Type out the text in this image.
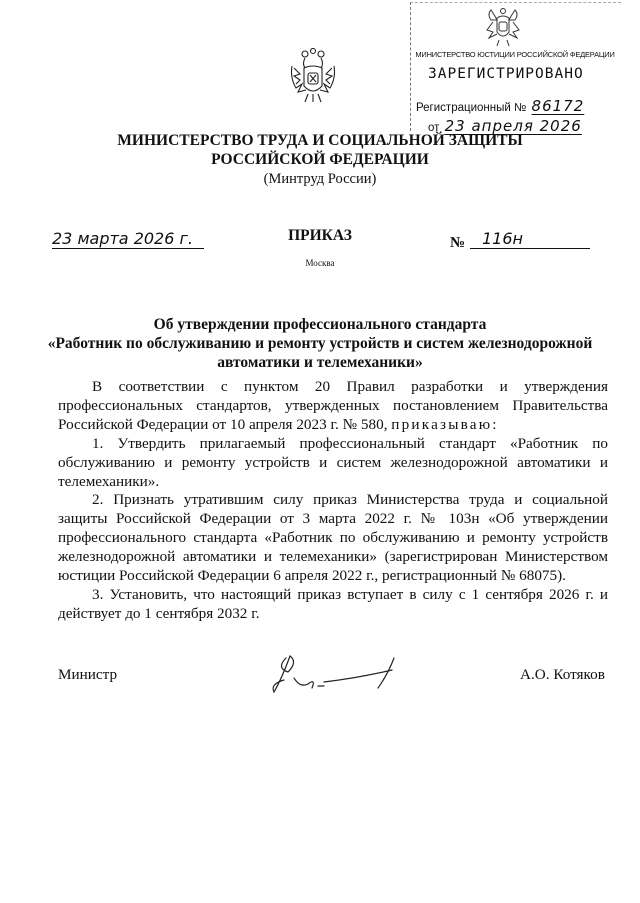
МИНИСТЕРСТВО ЮСТИЦИИ РОССИЙСКОЙ ФЕДЕРАЦИИ
ЗАРЕГИСТРИРОВАНО
Регистрационный № 86172
от 23 апреля 2026
МИНИСТЕРСТВО ТРУДА И СОЦИАЛЬНОЙ ЗАЩИТЫ
РОССИЙСКОЙ ФЕДЕРАЦИИ
(Минтруд России)
23 марта 2026 г.	ПРИКАЗ
Москва
№	116н
Об утверждении профессионального стандарта
«Работник по обслуживанию и ремонту устройств и систем железнодорожной
автоматики и телемеханики»

В соответствии с пунктом 20 Правил разработки и утверждения профессиональных стандартов, утвержденных постановлением Правительства Российской Федерации от 10 апреля 2023 г. № 580, приказываю:

1. Утвердить прилагаемый профессиональный стандарт «Работник по обслуживанию и ремонту устройств и систем железнодорожной автоматики и телемеханики».

2. Признать утратившим силу приказ Министерства труда и социальной защиты Российской Федерации от 3 марта 2022 г. № 103н «Об утверждении профессионального стандарта «Работник по обслуживанию и ремонту устройств железнодорожной автоматики и телемеханики» (зарегистрирован Министерством юстиции Российской Федерации 6 апреля 2022 г., регистрационный № 68075).

3. Установить, что настоящий приказ вступает в силу с 1 сентября 2026 г. и действует до 1 сентября 2032 г.

Министр	А.О. Котяков
